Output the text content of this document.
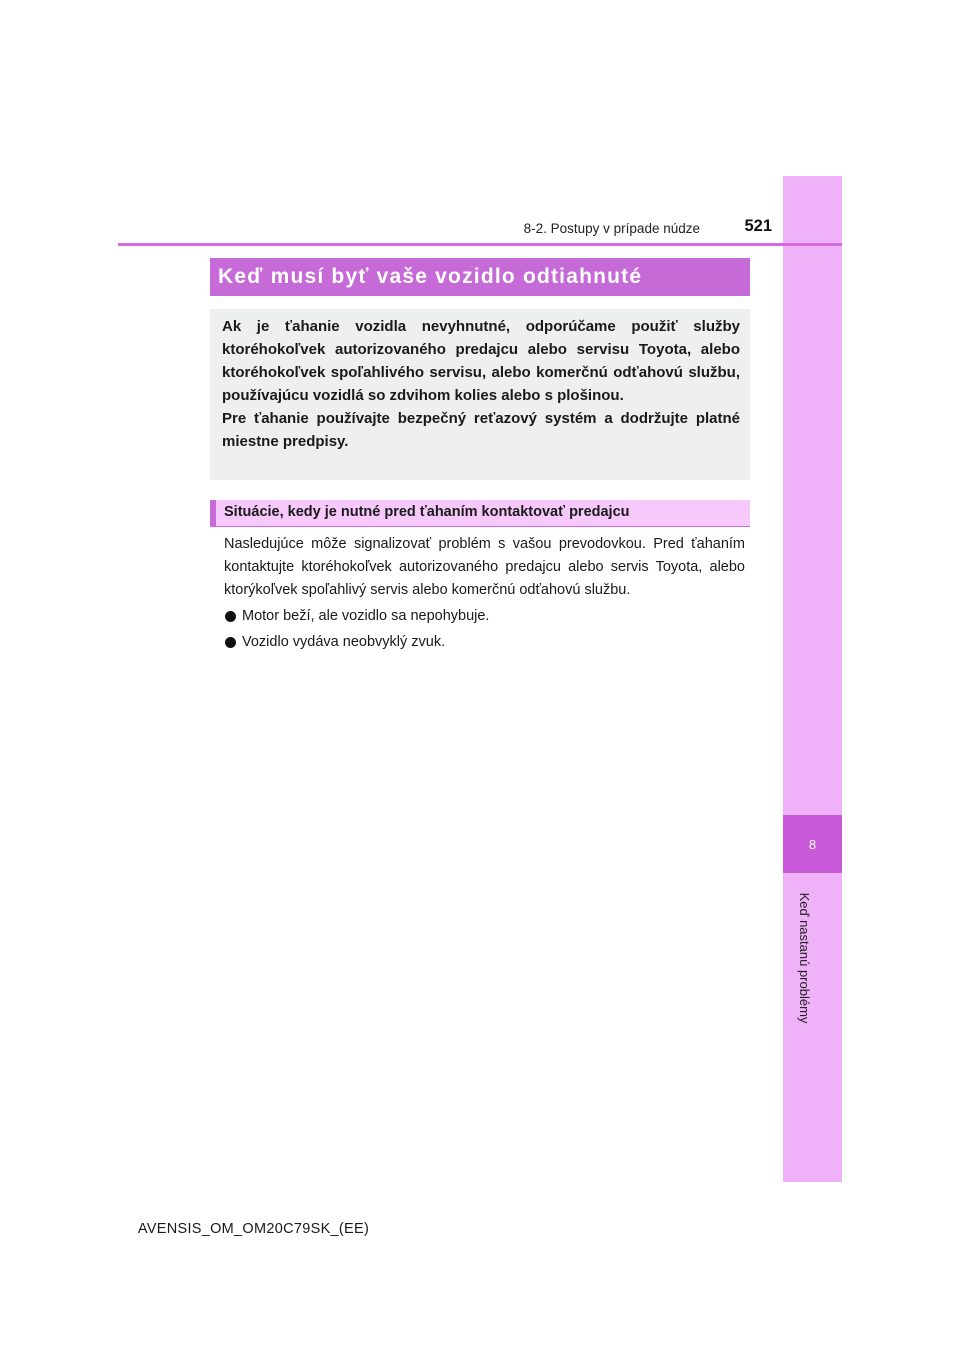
8
Keď nastanú problémy
8-2. Postupy v prípade núdze	521
Keď musí byť vaše vozidlo odtiahnuté

Ak je ťahanie vozidla nevyhnutné, odporúčame použiť služby ktoréhokoľvek autorizovaného predajcu alebo servisu Toyota, alebo ktoréhokoľvek spoľahlivého servisu, alebo komerčnú odťahovú službu, používajúcu vozidlá so zdvihom kolies alebo s plošinou.

Pre ťahanie používajte bezpečný reťazový systém a dodržujte platné miestne predpisy.

Situácie, kedy je nutné pred ťahaním kontaktovať predajcu

Nasledujúce môže signalizovať problém s vašou prevodovkou. Pred ťahaním kontaktujte ktoréhokoľvek autorizovaného predajcu alebo servis Toyota, alebo ktorýkoľvek spoľahlivý servis alebo komerčnú odťahovú službu.

Motor beží, ale vozidlo sa nepohybuje.
Vozidlo vydáva neobvyklý zvuk.
AVENSIS_OM_OM20C79SK_(EE)
